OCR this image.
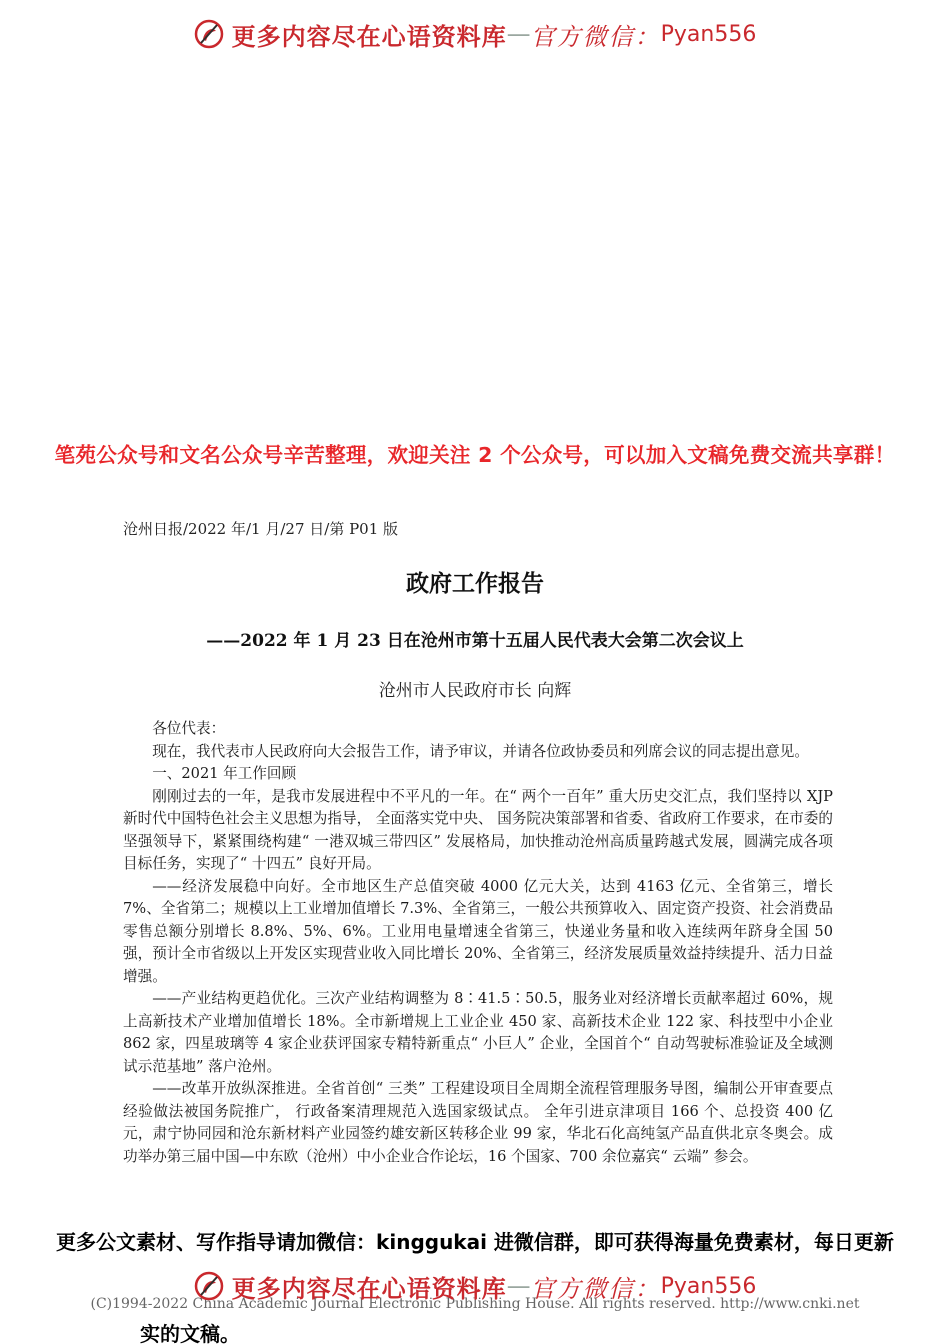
更多内容尽在心语资料库 — 官方微信： Pyan556
笔苑公众号和文名公众号辛苦整理，欢迎关注 2 个公众号，可以加入文稿免费交流共享群！
沧州日报/2022 年/1 月/27 日/第 P01 版
政府工作报告
——2022 年 1 月 23 日在沧州市第十五届人民代表大会第二次会议上
沧州市人民政府市长 向辉

各位代表：

现在，我代表市人民政府向大会报告工作，请予审议，并请各位政协委员和列席会议的同志提出意见。

一、2021 年工作回顾

刚刚过去的一年，是我市发展进程中不平凡的一年。在“ 两个一百年” 重大历史交汇点，我们坚持以 XJP 新时代中国特色社会主义思想为指导， 全面落实党中央、 国务院决策部署和省委、省政府工作要求，在市委的坚强领导下，紧紧围绕构建“ 一港双城三带四区” 发展格局，加快推动沧州高质量跨越式发展，圆满完成各项目标任务，实现了“ 十四五” 良好开局。

——经济发展稳中向好。全市地区生产总值突破 4000 亿元大关，达到 4163 亿元、全省第三，增长 7%、全省第二；规模以上工业增加值增长 7.3%、全省第三，一般公共预算收入、固定资产投资、社会消费品零售总额分别增长 8.8%、5%、6%。工业用电量增速全省第三，快递业务量和收入连续两年跻身全国 50 强，预计全市省级以上开发区实现营业收入同比增长 20%、全省第三，经济发展质量效益持续提升、活力日益增强。

——产业结构更趋优化。三次产业结构调整为 8∶41.5∶50.5，服务业对经济增长贡献率超过 60%，规上高新技术产业增加值增长 18%。全市新增规上工业企业 450 家、高新技术企业 122 家、科技型中小企业 862 家，四星玻璃等 4 家企业获评国家专精特新重点“ 小巨人” 企业，全国首个“ 自动驾驶标准验证及全域测试示范基地” 落户沧州。

——改革开放纵深推进。全省首创“ 三类” 工程建设项目全周期全流程管理服务导图，编制公开审查要点经验做法被国务院推广， 行政备案清理规范入选国家级试点。 全年引进京津项目 166 个、总投资 400 亿元，肃宁协同园和沧东新材料产业园签约雄安新区转移企业 99 家，华北石化高纯氢产品直供北京冬奥会。成功举办第三届中国—中东欧（沧州）中小企业合作论坛，16 个国家、700 余位嘉宾“ 云端” 参会。

更多公文素材、写作指导请加微信：kinggukai 进微信群，即可获得海量免费素材，每日更新
实的文稿。
(C)1994-2022 China Academic Journal Electronic Publishing House. All rights reserved. http://www.cnki.net
更多内容尽在心语资料库 — 官方微信： Pyan556
